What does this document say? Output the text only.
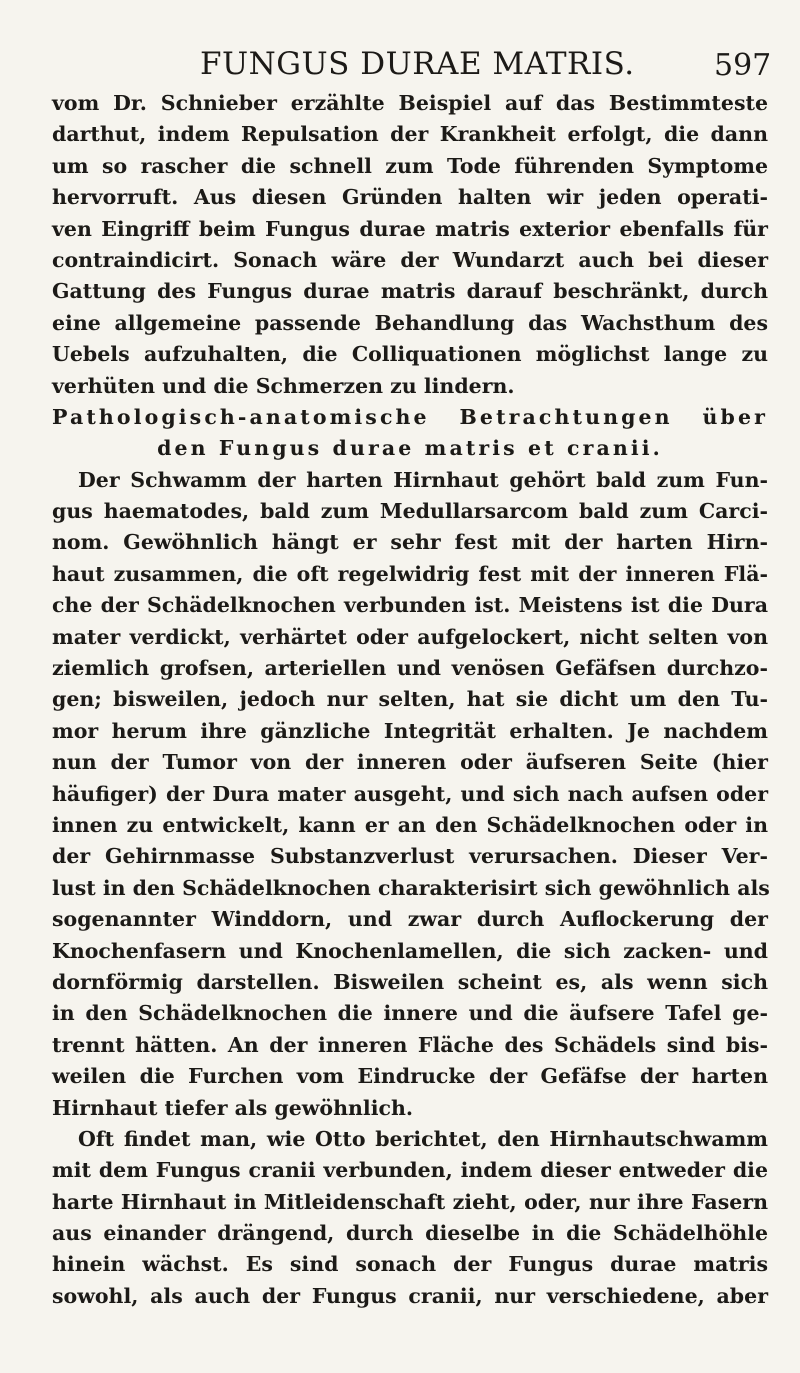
FUNGUS DURAE MATRIS.	597
vom Dr. Schnieber erzählte Beispiel auf das Bestimmteste
darthut, indem Repulsation der Krankheit erfolgt, die dann
um so rascher die schnell zum Tode führenden Symptome
hervorruft. Aus diesen Gründen halten wir jeden operati-
ven Eingriff beim Fungus durae matris exterior ebenfalls für
contraindicirt. Sonach wäre der Wundarzt auch bei dieser
Gattung des Fungus durae matris darauf beschränkt, durch
eine allgemeine passende Behandlung das Wachsthum des
Uebels aufzuhalten, die Colliquationen möglichst lange zu
verhüten und die Schmerzen zu lindern.
Pathologisch-anatomische Betrachtungen über
den Fungus durae matris et cranii.
Der Schwamm der harten Hirnhaut gehört bald zum Fun-
gus haematodes, bald zum Medullarsarcom bald zum Carci-
nom. Gewöhnlich hängt er sehr fest mit der harten Hirn-
haut zusammen, die oft regelwidrig fest mit der inneren Flä-
che der Schädelknochen verbunden ist. Meistens ist die Dura
mater verdickt, verhärtet oder aufgelockert, nicht selten von
ziemlich grofsen, arteriellen und venösen Gefäfsen durchzo-
gen; bisweilen, jedoch nur selten, hat sie dicht um den Tu-
mor herum ihre gänzliche Integrität erhalten. Je nachdem
nun der Tumor von der inneren oder äufseren Seite (hier
häufiger) der Dura mater ausgeht, und sich nach aufsen oder
innen zu entwickelt, kann er an den Schädelknochen oder in
der Gehirnmasse Substanzverlust verursachen. Dieser Ver-
lust in den Schädelknochen charakterisirt sich gewöhnlich als
sogenannter Winddorn, und zwar durch Auflockerung der
Knochenfasern und Knochenlamellen, die sich zacken- und
dornförmig darstellen. Bisweilen scheint es, als wenn sich
in den Schädelknochen die innere und die äufsere Tafel ge-
trennt hätten. An der inneren Fläche des Schädels sind bis-
weilen die Furchen vom Eindrucke der Gefäfse der harten
Hirnhaut tiefer als gewöhnlich.
Oft findet man, wie Otto berichtet, den Hirnhautschwamm
mit dem Fungus cranii verbunden, indem dieser entweder die
harte Hirnhaut in Mitleidenschaft zieht, oder, nur ihre Fasern
aus einander drängend, durch dieselbe in die Schädelhöhle
hinein wächst. Es sind sonach der Fungus durae matris
sowohl, als auch der Fungus cranii, nur verschiedene, aber
